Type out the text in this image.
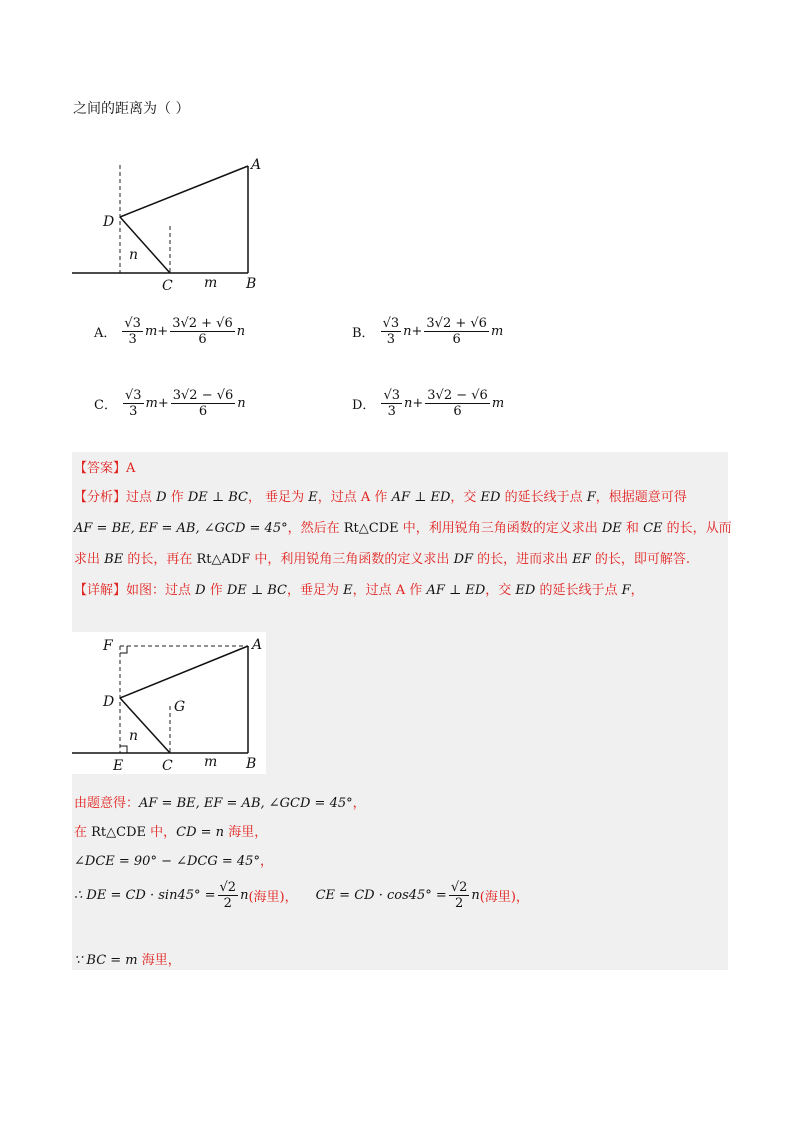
之间的距离为（ ）
A
D
n
C m B
A． $\frac{√3}{3}$ $m + \frac{3√2 + √6}{6}$ n	B． $\frac{√3}{3}$ $n + \frac{3√2 + √6}{6}$ m
C． $\frac{√3}{3}$ $m + \frac{3√2 - √6}{6}$ n	D． $\frac{√3}{3}$ $n + \frac{3√2 - √6}{6}$ m
【答案】A
【分析】过点 D 作 DE ⊥ BC， 垂足为 E，过点 A 作 AF ⊥ ED，交 ED 的延长线于点 F，根据题意可得
AF = BE, EF = AB, ∠GCD = 45°，然后在 Rt△CDE 中，利用锐角三角函数的定义求出 DE 和 CE 的长，从而
求出 BE 的长，再在 Rt△ADF 中，利用锐角三角函数的定义求出 DF 的长，进而求出 EF 的长，即可解答.
【详解】如图：过点 D 作 DE ⊥ BC，垂足为 E，过点 A 作 AF ⊥ ED，交 ED 的延长线于点 F，
F	A
D	G
n
E	C m B
由题意得：AF = BE, EF = AB, ∠GCD = 45°，
在 Rt△CDE 中，CD = n 海里，
∠DCE = 90° − ∠DCG = 45°，
∴ DE = CD · $\sin 45^\circ = \frac{√2}{2}$ n (海里)， CE = CD · $\cos 45^\circ = \frac{√2}{2}$ n (海里)，
∵ BC = m 海里，
